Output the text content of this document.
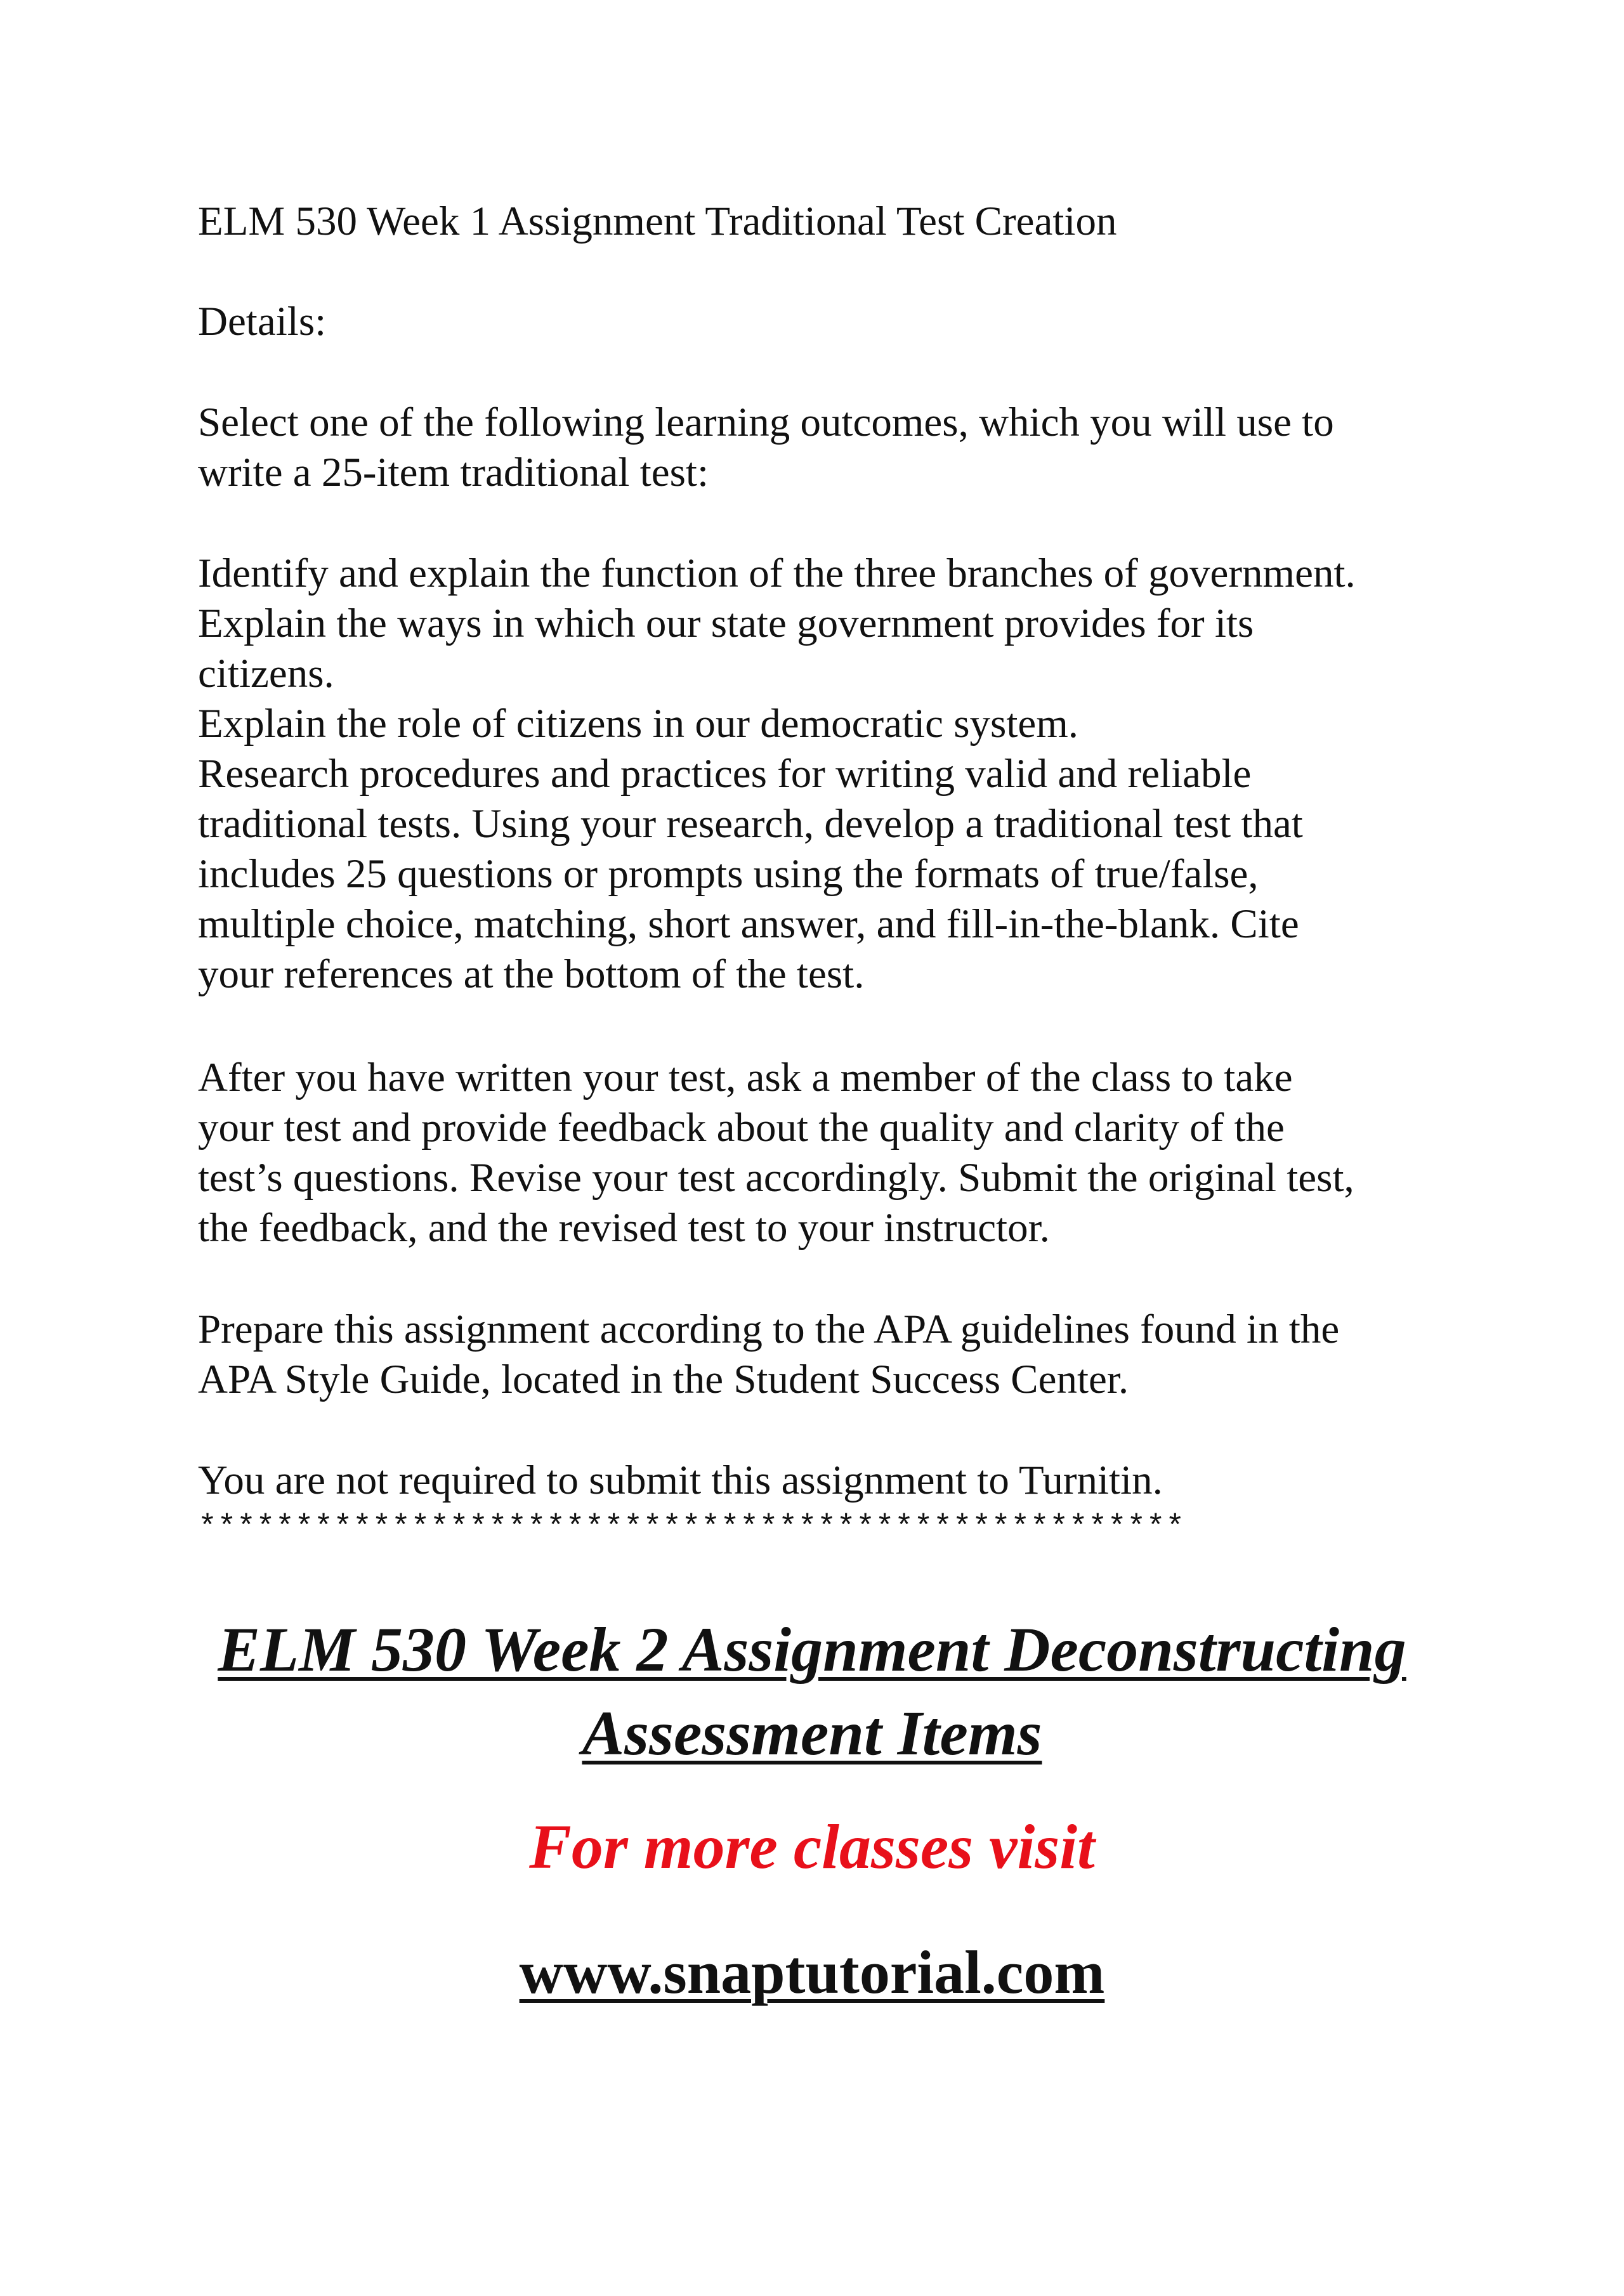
ELM 530 Week 1 Assignment Traditional Test Creation

Details:

Select one of the following learning outcomes, which you will use to
write a 25-item traditional test:

Identify and explain the function of the three branches of government.
Explain the ways in which our state government provides for its
citizens.
Explain the role of citizens in our democratic system.
Research procedures and practices for writing valid and reliable
traditional tests. Using your research, develop a traditional test that
includes 25 questions or prompts using the formats of true/false,
multiple choice, matching, short answer, and fill-in-the-blank. Cite
your references at the bottom of the test.

After you have written your test, ask a member of the class to take
your test and provide feedback about the quality and clarity of the
test’s questions. Revise your test accordingly. Submit the original test,
the feedback, and the revised test to your instructor.

Prepare this assignment according to the APA guidelines found in the
APA Style Guide, located in the Student Success Center.

You are not required to submit this assignment to Turnitin.

***************************************************
ELM 530 Week 2 Assignment Deconstructing
Assessment Items
For more classes visit
www.snaptutorial.com
